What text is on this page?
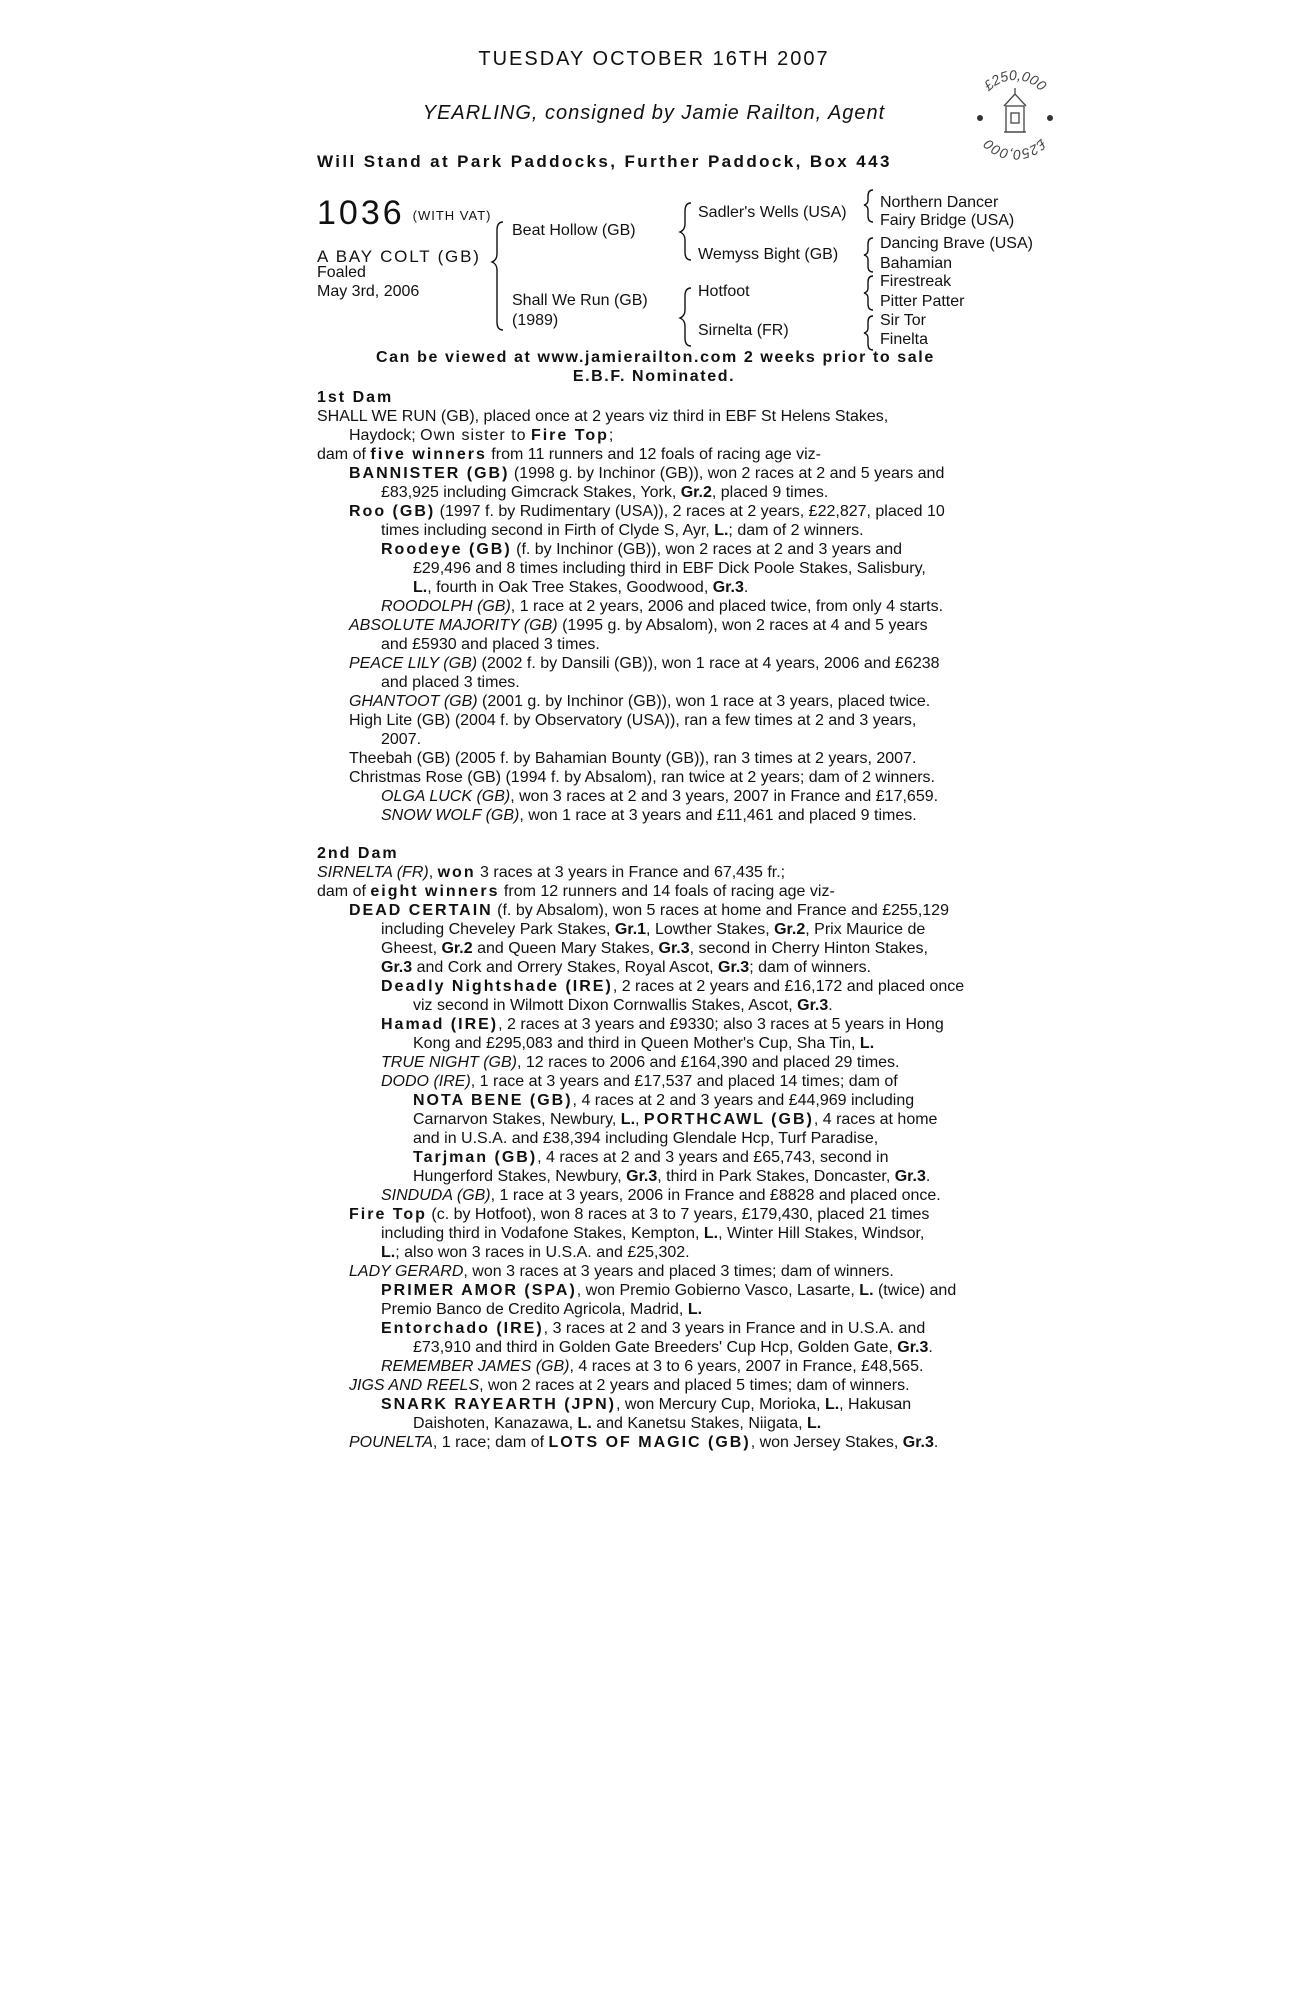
TUESDAY OCTOBER 16TH 2007
YEARLING, consigned by Jamie Railton, Agent
Will Stand at Park Paddocks, Further Paddock, Box 443
£250,000
£250,000
1036 (WITH VAT)
A BAY COLT (GB)
Foaled
May 3rd, 2006
Beat Hollow (GB)
Shall We Run (GB)
(1989)
Sadler's Wells (USA)
Wemyss Bight (GB)
Hotfoot
Sirnelta (FR)
Northern Dancer
Fairy Bridge (USA)
Dancing Brave (USA)
Bahamian
Firestreak
Pitter Patter
Sir Tor
Finelta
Can be viewed at www.jamierailton.com 2 weeks prior to sale
E.B.F. Nominated.
1st Dam
SHALL WE RUN (GB), placed once at 2 years viz third in EBF St Helens Stakes,
Haydock; Own sister to Fire Top;
dam of five winners from 11 runners and 12 foals of racing age viz-
BANNISTER (GB) (1998 g. by Inchinor (GB)), won 2 races at 2 and 5 years and
£83,925 including Gimcrack Stakes, York, Gr.2, placed 9 times.
Roo (GB) (1997 f. by Rudimentary (USA)), 2 races at 2 years, £22,827, placed 10
times including second in Firth of Clyde S, Ayr, L.; dam of 2 winners.
Roodeye (GB) (f. by Inchinor (GB)), won 2 races at 2 and 3 years and
£29,496 and 8 times including third in EBF Dick Poole Stakes, Salisbury,
L., fourth in Oak Tree Stakes, Goodwood, Gr.3.
ROODOLPH (GB), 1 race at 2 years, 2006 and placed twice, from only 4 starts.
ABSOLUTE MAJORITY (GB) (1995 g. by Absalom), won 2 races at 4 and 5 years
and £5930 and placed 3 times.
PEACE LILY (GB) (2002 f. by Dansili (GB)), won 1 race at 4 years, 2006 and £6238
and placed 3 times.
GHANTOOT (GB) (2001 g. by Inchinor (GB)), won 1 race at 3 years, placed twice.
High Lite (GB) (2004 f. by Observatory (USA)), ran a few times at 2 and 3 years,
2007.
Theebah (GB) (2005 f. by Bahamian Bounty (GB)), ran 3 times at 2 years, 2007.
Christmas Rose (GB) (1994 f. by Absalom), ran twice at 2 years; dam of 2 winners.
OLGA LUCK (GB), won 3 races at 2 and 3 years, 2007 in France and £17,659.
SNOW WOLF (GB), won 1 race at 3 years and £11,461 and placed 9 times.
2nd Dam
SIRNELTA (FR), won 3 races at 3 years in France and 67,435 fr.;
dam of eight winners from 12 runners and 14 foals of racing age viz-
DEAD CERTAIN (f. by Absalom), won 5 races at home and France and £255,129
including Cheveley Park Stakes, Gr.1, Lowther Stakes, Gr.2, Prix Maurice de
Gheest, Gr.2 and Queen Mary Stakes, Gr.3, second in Cherry Hinton Stakes,
Gr.3 and Cork and Orrery Stakes, Royal Ascot, Gr.3; dam of winners.
Deadly Nightshade (IRE), 2 races at 2 years and £16,172 and placed once
viz second in Wilmott Dixon Cornwallis Stakes, Ascot, Gr.3.
Hamad (IRE), 2 races at 3 years and £9330; also 3 races at 5 years in Hong
Kong and £295,083 and third in Queen Mother's Cup, Sha Tin, L.
TRUE NIGHT (GB), 12 races to 2006 and £164,390 and placed 29 times.
DODO (IRE), 1 race at 3 years and £17,537 and placed 14 times; dam of
NOTA BENE (GB), 4 races at 2 and 3 years and £44,969 including
Carnarvon Stakes, Newbury, L., PORTHCAWL (GB), 4 races at home
and in U.S.A. and £38,394 including Glendale Hcp, Turf Paradise,
Tarjman (GB), 4 races at 2 and 3 years and £65,743, second in
Hungerford Stakes, Newbury, Gr.3, third in Park Stakes, Doncaster, Gr.3.
SINDUDA (GB), 1 race at 3 years, 2006 in France and £8828 and placed once.
Fire Top (c. by Hotfoot), won 8 races at 3 to 7 years, £179,430, placed 21 times
including third in Vodafone Stakes, Kempton, L., Winter Hill Stakes, Windsor,
L.; also won 3 races in U.S.A. and £25,302.
LADY GERARD, won 3 races at 3 years and placed 3 times; dam of winners.
PRIMER AMOR (SPA), won Premio Gobierno Vasco, Lasarte, L. (twice) and
Premio Banco de Credito Agricola, Madrid, L.
Entorchado (IRE), 3 races at 2 and 3 years in France and in U.S.A. and
£73,910 and third in Golden Gate Breeders' Cup Hcp, Golden Gate, Gr.3.
REMEMBER JAMES (GB), 4 races at 3 to 6 years, 2007 in France, £48,565.
JIGS AND REELS, won 2 races at 2 years and placed 5 times; dam of winners.
SNARK RAYEARTH (JPN), won Mercury Cup, Morioka, L., Hakusan
Daishoten, Kanazawa, L. and Kanetsu Stakes, Niigata, L.
POUNELTA, 1 race; dam of LOTS OF MAGIC (GB), won Jersey Stakes, Gr.3.
